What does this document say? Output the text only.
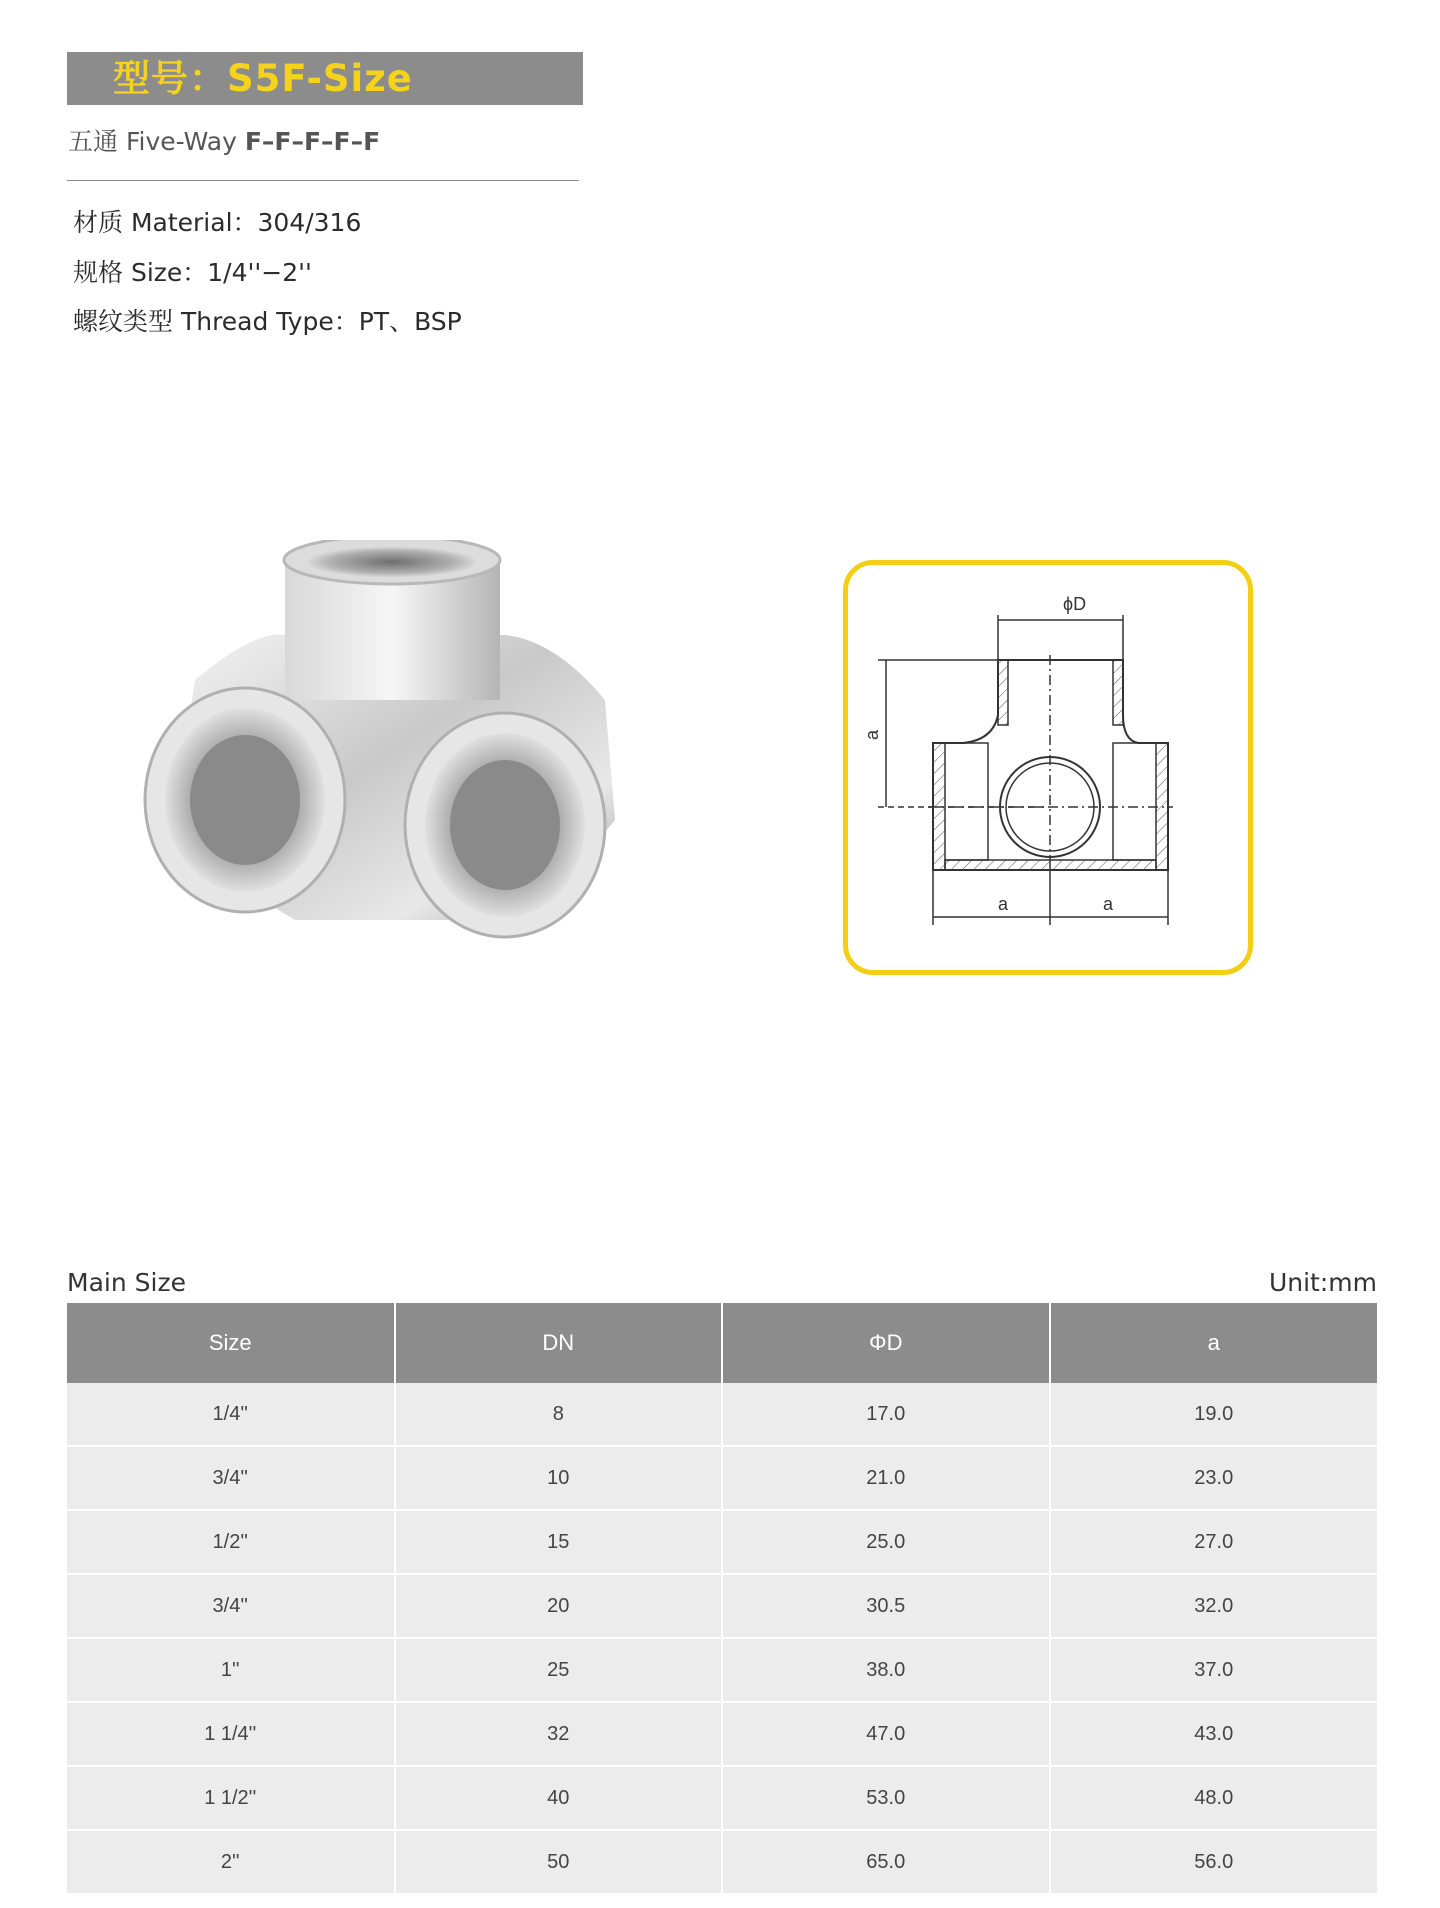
型号：S5F-Size
五通 Five-Way F–F–F–F–F
材质 Material：304/316
规格 Size：1/4''−2''
螺纹类型 Thread Type：PT、BSP
ϕD
a
a	a
Main Size	Unit:mm
Size	DN	ΦD	a
1/4''	8	17.0	19.0
3/4''	10	21.0	23.0
1/2''	15	25.0	27.0
3/4''	20	30.5	32.0
1''	25	38.0	37.0
1 1/4''	32	47.0	43.0
1 1/2''	40	53.0	48.0
2''	50	65.0	56.0
